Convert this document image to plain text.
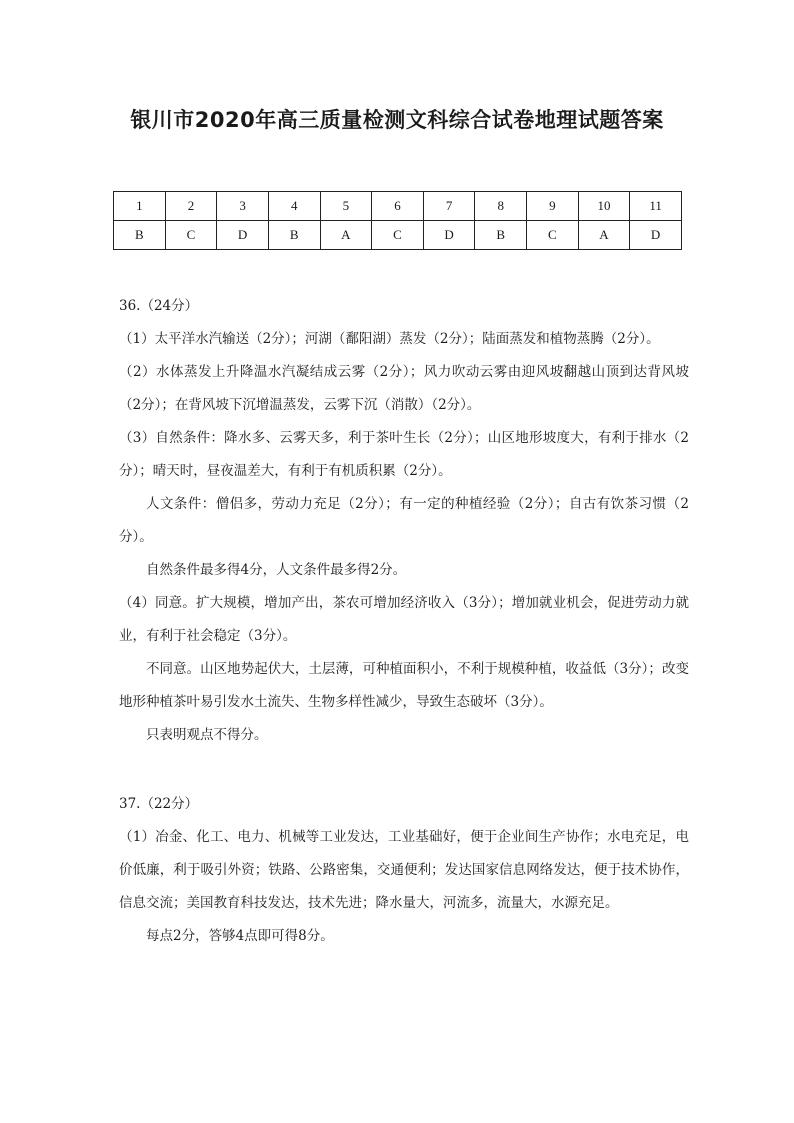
银川市2020年高三质量检测文科综合试卷地理试题答案
1	2	3	4	5	6	7	8	9	10	11
B	C	D	B	A	C	D	B	C	A	D

36.（24分）

（1）太平洋水汽输送（2分）；河湖（鄱阳湖）蒸发（2分）；陆面蒸发和植物蒸腾（2分）。

（2）水体蒸发上升降温水汽凝结成云雾（2分）；风力吹动云雾由迎风坡翻越山顶到达背风坡（2分）；在背风坡下沉增温蒸发，云雾下沉（消散）（2分）。

（3）自然条件：降水多、云雾天多，利于茶叶生长（2分）；山区地形坡度大，有利于排水（2分）；晴天时，昼夜温差大，有利于有机质积累（2分）。

人文条件：僧侣多，劳动力充足（2分）；有一定的种植经验（2分）；自古有饮茶习惯（2分）。

自然条件最多得4分，人文条件最多得2分。

（4）同意。扩大规模，增加产出，茶农可增加经济收入（3分）；增加就业机会，促进劳动力就业，有利于社会稳定（3分）。

不同意。山区地势起伏大，土层薄，可种植面积小，不利于规模种植，收益低（3分）；改变地形种植茶叶易引发水土流失、生物多样性减少，导致生态破坏（3分）。

只表明观点不得分。

37.（22分）

（1）冶金、化工、电力、机械等工业发达，工业基础好，便于企业间生产协作；水电充足，电价低廉，利于吸引外资；铁路、公路密集，交通便利；发达国家信息网络发达，便于技术协作，信息交流；美国教育科技发达，技术先进；降水量大，河流多，流量大，水源充足。

每点2分，答够4点即可得8分。
